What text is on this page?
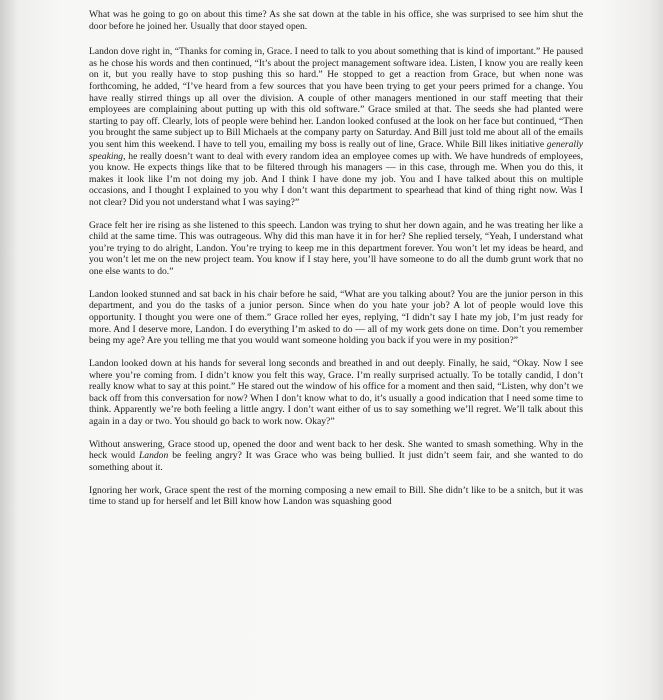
What was he going to go on about this time? As she sat down at the table in his office, she was surprised to see him shut the door before he joined her. Usually that door stayed open.

Landon dove right in, “Thanks for coming in, Grace. I need to talk to you about something that is kind of important.” He paused as he chose his words and then continued, “It’s about the project management software idea. Listen, I know you are really keen on it, but you really have to stop pushing this so hard.” He stopped to get a reaction from Grace, but when none was forthcoming, he added, “I’ve heard from a few sources that you have been trying to get your peers primed for a change. You have really stirred things up all over the division. A couple of other managers mentioned in our staff meeting that their employees are complaining about putting up with this old software.” Grace smiled at that. The seeds she had planted were starting to pay off. Clearly, lots of people were behind her. Landon looked confused at the look on her face but continued, “Then you brought the same subject up to Bill Michaels at the company party on Saturday. And Bill just told me about all of the emails you sent him this weekend. I have to tell you, emailing my boss is really out of line, Grace. While Bill likes initiative generally speaking, he really doesn’t want to deal with every random idea an employee comes up with. We have hundreds of employees, you know. He expects things like that to be filtered through his managers — in this case, through me. When you do this, it makes it look like I’m not doing my job. And I think I have done my job. You and I have talked about this on multiple occasions, and I thought I explained to you why I don’t want this department to spearhead that kind of thing right now. Was I not clear? Did you not understand what I was saying?”

Grace felt her ire rising as she listened to this speech. Landon was trying to shut her down again, and he was treating her like a child at the same time. This was outrageous. Why did this man have it in for her? She replied tersely, “Yeah, I understand what you’re trying to do alright, Landon. You’re trying to keep me in this department forever. You won’t let my ideas be heard, and you won’t let me on the new project team. You know if I stay here, you’ll have someone to do all the dumb grunt work that no one else wants to do.”

Landon looked stunned and sat back in his chair before he said, “What are you talking about? You are the junior person in this department, and you do the tasks of a junior person. Since when do you hate your job? A lot of people would love this opportunity. I thought you were one of them.” Grace rolled her eyes, replying, “I didn’t say I hate my job, I’m just ready for more. And I deserve more, Landon. I do everything I’m asked to do — all of my work gets done on time. Don’t you remember being my age? Are you telling me that you would want someone holding you back if you were in my position?”

Landon looked down at his hands for several long seconds and breathed in and out deeply. Finally, he said, “Okay. Now I see where you’re coming from. I didn’t know you felt this way, Grace. I’m really surprised actually. To be totally candid, I don’t really know what to say at this point.” He stared out the window of his office for a moment and then said, “Listen, why don’t we back off from this conversation for now? When I don’t know what to do, it’s usually a good indication that I need some time to think. Apparently we’re both feeling a little angry. I don’t want either of us to say something we’ll regret. We’ll talk about this again in a day or two. You should go back to work now. Okay?”

Without answering, Grace stood up, opened the door and went back to her desk. She wanted to smash something. Why in the heck would Landon be feeling angry? It was Grace who was being bullied. It just didn’t seem fair, and she wanted to do something about it.

Ignoring her work, Grace spent the rest of the morning composing a new email to Bill. She didn’t like to be a snitch, but it was time to stand up for herself and let Bill know how Landon was squashing good
